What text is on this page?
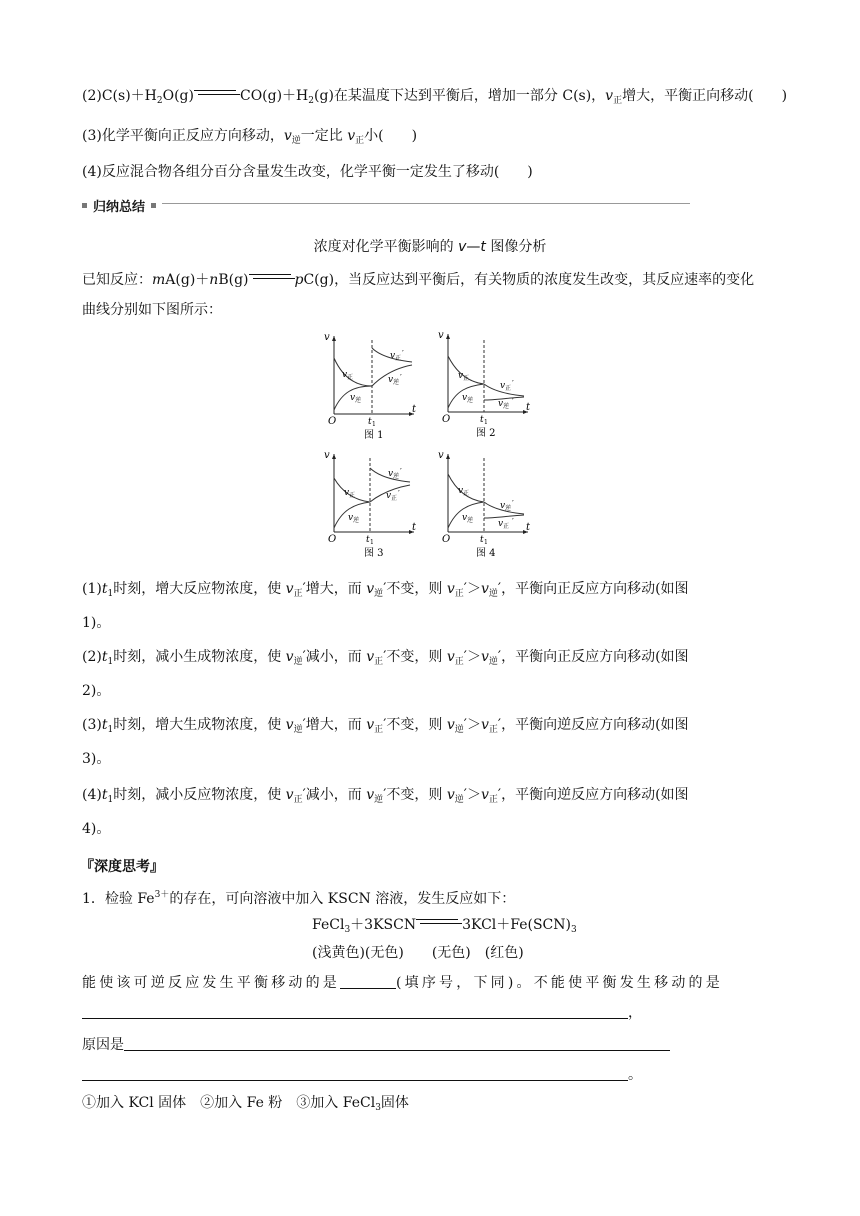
$(2)C(s)+H_2O(g)$	$CO(g)+H_2(g)$在某温度下达到平衡后，增加一部分 C(s)，$v_正$增大，平衡正向移动( )
(3)化学平衡向正反应方向移动，$v_逆$一定比 $v_正$小( )
(4)反应混合物各组分百分含量发生改变，化学平衡一定发生了移动( )
归纳总结
浓度对化学平衡影响的 v—t 图像分析
已知反应：mA(g)＋nB(g)	pC(g)，当反应达到平衡后，有关物质的浓度发生改变，其反应速率的变化
曲线分别如下图所示：
v
t
O	t 1
v 正
v 逆
v 正
′
v 逆
′
图 1
v
t
O	t 1
v 正
v 逆
v 正
′
v 逆
′
图 2
v
t
O	t 1
v 正
v 逆
v 逆
′
v 正
′
图 3
v
t
O	t 1
v 正
v 逆
v 逆
′
v 正
′
图 4
$(1)t_1$时刻，增大反应物浓度，使 $v_正'$增大，而 $v_逆'$不变，则 $v_正'>v_逆'$，平衡向正反应方向移动(如图
1)。
$(2)t_1$时刻，减小生成物浓度，使 $v_逆'$减小，而 $v_正'$不变，则 $v_正'>v_逆'$，平衡向正反应方向移动(如图
2)。
$(3)t_1$时刻，增大生成物浓度，使 $v_逆'$增大，而 $v_正'$不变，则 $v_逆'>v_正'$，平衡向逆反应方向移动(如图
3)。
$(4)t_1$时刻，减小反应物浓度，使 $v_正'$减小，而 $v_逆'$不变，则 $v_逆'>v_正'$，平衡向逆反应方向移动(如图
4)。
『深度思考』
1．检验 $Fe^{3+}$的存在，可向溶液中加入 KSCN 溶液，发生反应如下：
FeCl$_3$＋3KSCN	$3KCl+Fe(SCN)_3$
(浅黄色)(无色)　　(无色)　(红色)
能使该可逆反应发生平衡移动的是	(填序号，下同)。不能使平衡发生移动的是
，
原因是
。
①加入 KCl 固体　②加入 Fe 粉　③加入 FeCl$_3$固体
